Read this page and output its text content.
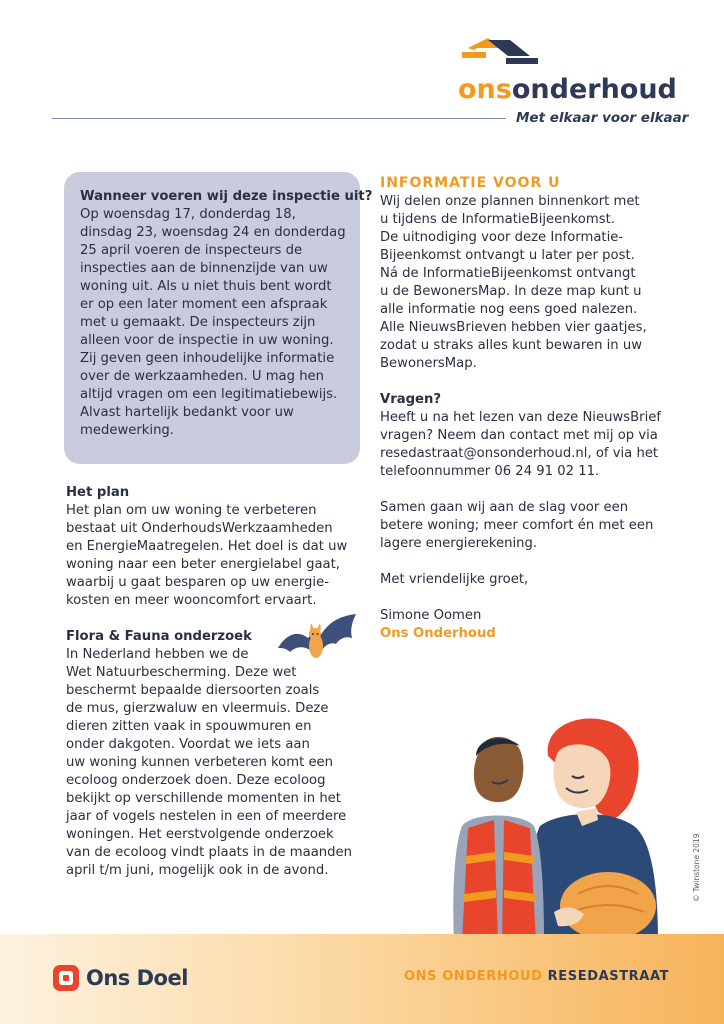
onsonderhoud
Met elkaar voor elkaar
Wanneer voeren wij deze inspectie uit?

Op woensdag 17, donderdag 18,
dinsdag 23, woensdag 24 en donderdag
25 april voeren de inspecteurs de
inspecties aan de binnenzijde van uw
woning uit. Als u niet thuis bent wordt
er op een later moment een afspraak
met u gemaakt. De inspecteurs zijn
alleen voor de inspectie in uw woning.
Zij geven geen inhoudelijke informatie
over de werkzaamheden. U mag hen
altijd vragen om een legitimatiebewijs.
Alvast hartelijk bedankt voor uw
medewerking.

Het plan
Het plan om uw woning te verbeteren
bestaat uit OnderhoudsWerkzaamheden
en EnergieMaatregelen. Het doel is dat uw
woning naar een beter energielabel gaat,
waarbij u gaat besparen op uw energie-
kosten en meer wooncomfort ervaart.
Flora & Fauna onderzoek
In Nederland hebben we de
Wet Natuurbescherming. Deze wet
beschermt bepaalde diersoorten zoals
de mus, gierzwaluw en vleermuis. Deze
dieren zitten vaak in spouwmuren en
onder dakgoten. Voordat we iets aan
uw woning kunnen verbeteren komt een
ecoloog onderzoek doen. Deze ecoloog
bekijkt op verschillende momenten in het
jaar of vogels nestelen in een of meerdere
woningen. Het eerstvolgende onderzoek
van de ecoloog vindt plaats in de maanden
april t/m juni, mogelijk ook in de avond.
INFORMATIE VOOR U
Wij delen onze plannen binnenkort met
u tijdens de InformatieBijeenkomst.
De uitnodiging voor deze Informatie-
Bijeenkomst ontvangt u later per post.
Ná de InformatieBijeenkomst ontvangt
u de BewonersMap. In deze map kunt u
alle informatie nog eens goed nalezen.
Alle NieuwsBrieven hebben vier gaatjes,
zodat u straks alles kunt bewaren in uw
BewonersMap.
Vragen?
Heeft u na het lezen van deze NieuwsBrief
vragen? Neem dan contact met mij op via
resedastraat@onsonderhoud.nl, of via het
telefoonnummer 06 24 91 02 11.
Samen gaan wij aan de slag voor een
betere woning; meer comfort én met een
lagere energierekening.
Met vriendelijke groet,
Simone Oomen
Ons Onderhoud
© Twinstone 2019
Ons Doel	ONS ONDERHOUD RESEDASTRAAT
